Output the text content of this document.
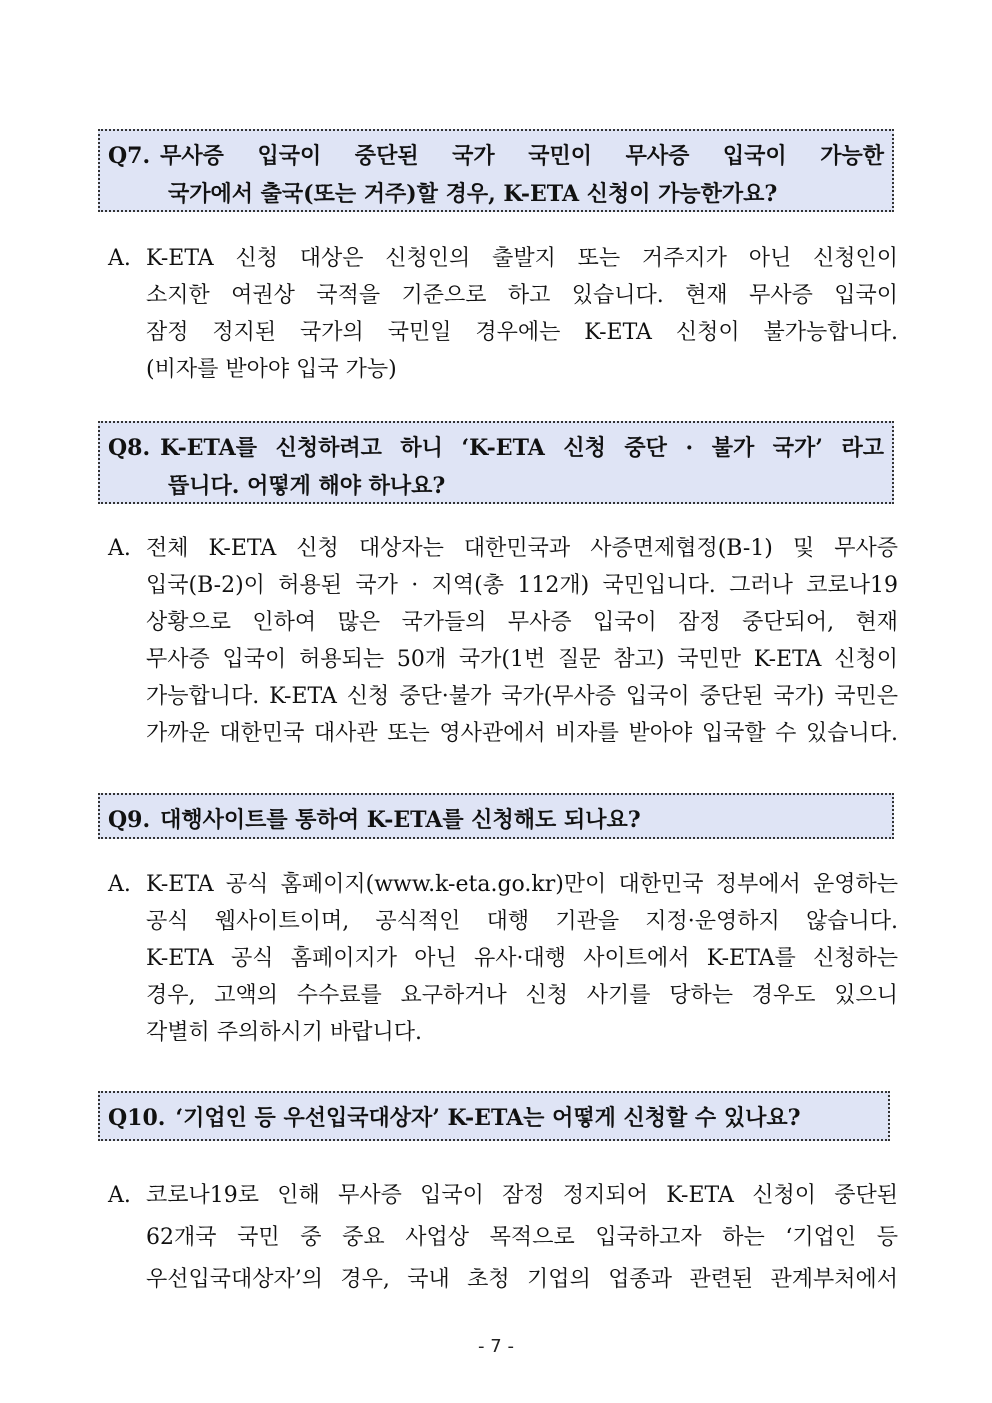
Q7. 무사증 입국이 중단된 국가 국민이 무사증 입국이 가능한
국가에서 출국(또는 거주)할 경우, K-ETA 신청이 가능한가요?
A. K-ETA 신청 대상은 신청인의 출발지 또는 거주지가 아닌 신청인이
소지한 여권상 국적을 기준으로 하고 있습니다. 현재 무사증 입국이
잠정 정지된 국가의 국민일 경우에는 K-ETA 신청이 불가능합니다.
(비자를 받아야 입국 가능)
Q8. K-ETA를 신청하려고 하니 ‘K-ETA 신청 중단 · 불가 국가’ 라고
뜹니다. 어떻게 해야 하나요?
A. 전체 K-ETA 신청 대상자는 대한민국과 사증면제협정(B-1) 및 무사증
입국(B-2)이 허용된 국가 · 지역(총 112개) 국민입니다. 그러나 코로나19
상황으로 인하여 많은 국가들의 무사증 입국이 잠정 중단되어, 현재
무사증 입국이 허용되는 50개 국가(1번 질문 참고) 국민만 K-ETA 신청이
가능합니다. K-ETA 신청 중단·불가 국가(무사증 입국이 중단된 국가) 국민은
가까운 대한민국 대사관 또는 영사관에서 비자를 받아야 입국할 수 있습니다.
Q9. 대행사이트를 통하여 K-ETA를 신청해도 되나요?
A. K-ETA 공식 홈페이지(www.k-eta.go.kr)만이 대한민국 정부에서 운영하는
공식 웹사이트이며, 공식적인 대행 기관을 지정·운영하지 않습니다.
K-ETA 공식 홈페이지가 아닌 유사·대행 사이트에서 K-ETA를 신청하는
경우, 고액의 수수료를 요구하거나 신청 사기를 당하는 경우도 있으니
각별히 주의하시기 바랍니다.
Q10. ‘기업인 등 우선입국대상자’ K-ETA는 어떻게 신청할 수 있나요?
A. 코로나19로 인해 무사증 입국이 잠정 정지되어 K-ETA 신청이 중단된
62개국 국민 중 중요 사업상 목적으로 입국하고자 하는 ‘기업인 등
우선입국대상자’의 경우, 국내 초청 기업의 업종과 관련된 관계부처에서
- 7 -
